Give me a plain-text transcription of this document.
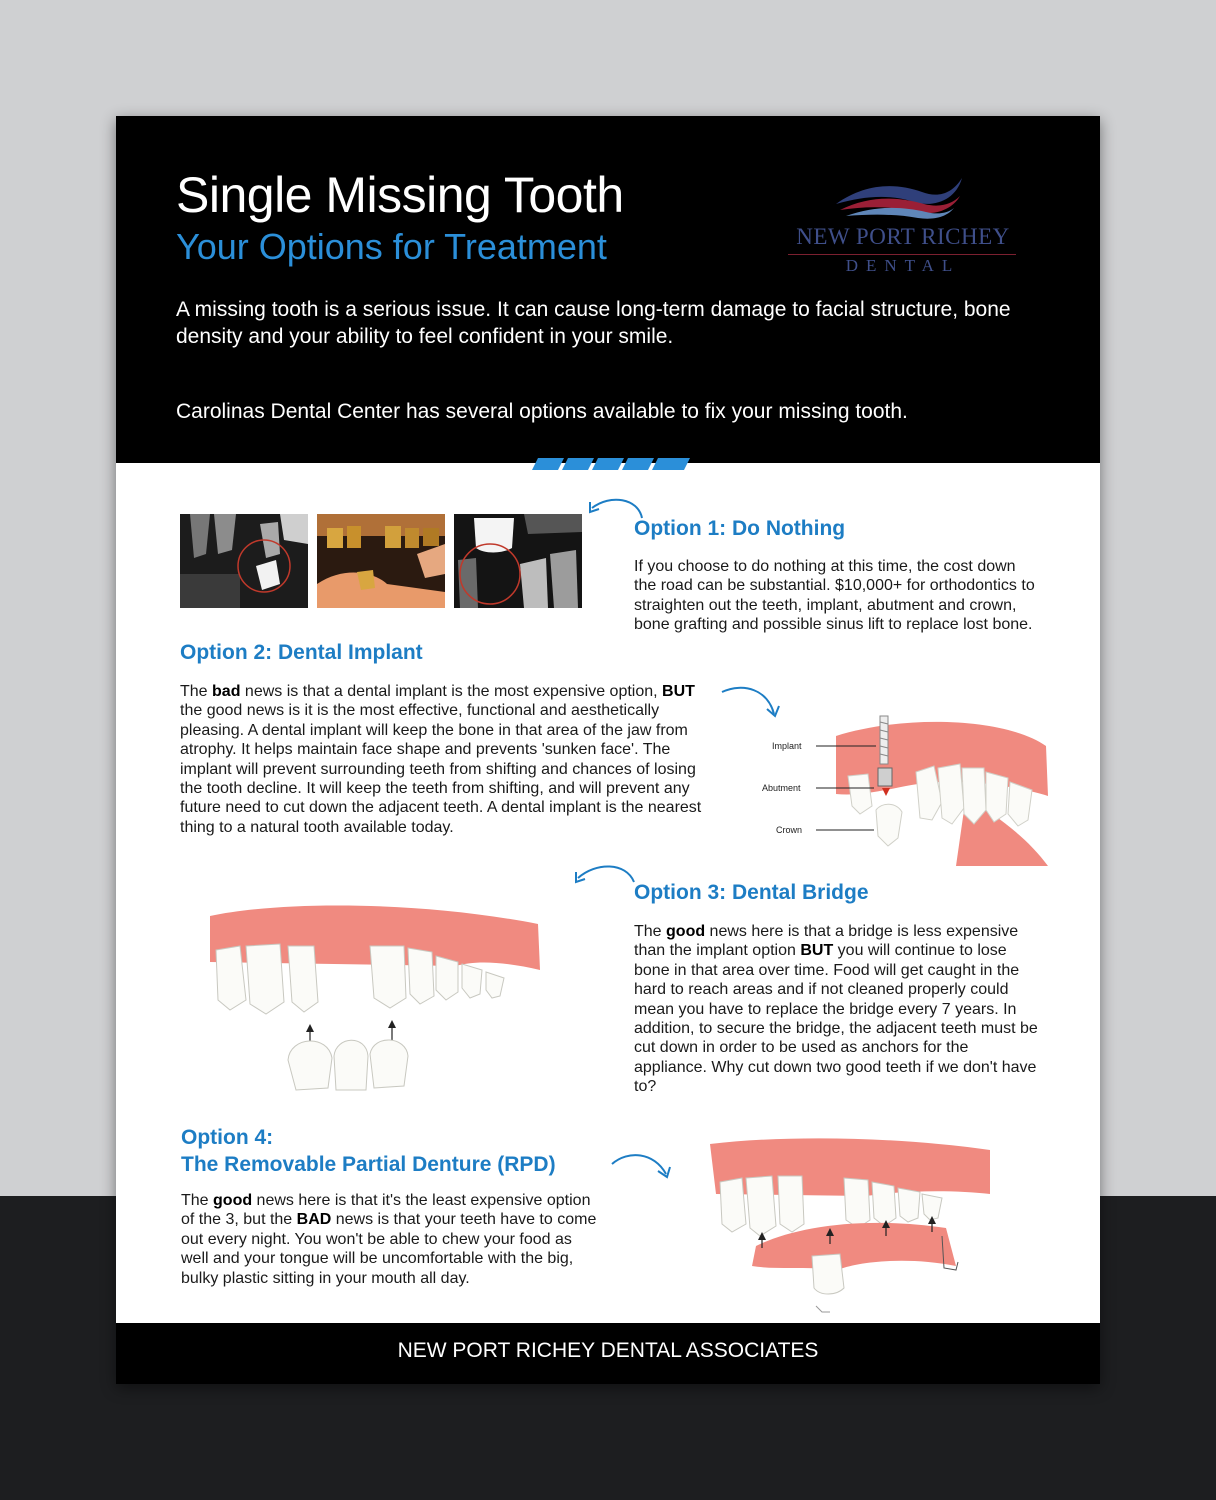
Single Missing Tooth
Your Options for Treatment

A missing tooth is a serious issue. It can cause long-term damage to facial structure, bone density and your ability to feel confident in your smile.

Carolinas Dental Center has several options available to fix your missing tooth.

NEW PORT RICHEY
DENTAL
Option 1: Do Nothing

If you choose to do nothing at this time, the cost down the road can be substantial. $10,000+ for orthodontics to straighten out the teeth, implant, abutment and crown, bone grafting and possible sinus lift to replace lost bone.

Option 2: Dental Implant

The bad news is that a dental implant is the most expensive option, BUT the good news is it is the most effective, functional and aesthetically pleasing. A dental implant will keep the bone in that area of the jaw from atrophy. It helps maintain face shape and prevents 'sunken face'. The implant will prevent surrounding teeth from shifting and chances of losing the tooth decline. It will keep the teeth from shifting, and will prevent any future need to cut down the adjacent teeth. A dental implant is the nearest thing to a natural tooth available today.

Implant
Abutment
Crown
Option 3: Dental Bridge

The good news here is that a bridge is less expensive than the implant option BUT you will continue to lose bone in that area over time. Food will get caught in the hard to reach areas and if not cleaned properly could mean you have to replace the bridge every 7 years. In addition, to secure the bridge, the adjacent teeth must be cut down in order to be used as anchors for the appliance. Why cut down two good teeth if we don't have to?

Option 4:
The Removable Partial Denture (RPD)

The good news here is that it's the least expensive option of the 3, but the BAD news is that your teeth have to come out every night. You won't be able to chew your food as well and your tongue will be uncomfortable with the big, bulky plastic sitting in your mouth all day.

NEW PORT RICHEY DENTAL ASSOCIATES
